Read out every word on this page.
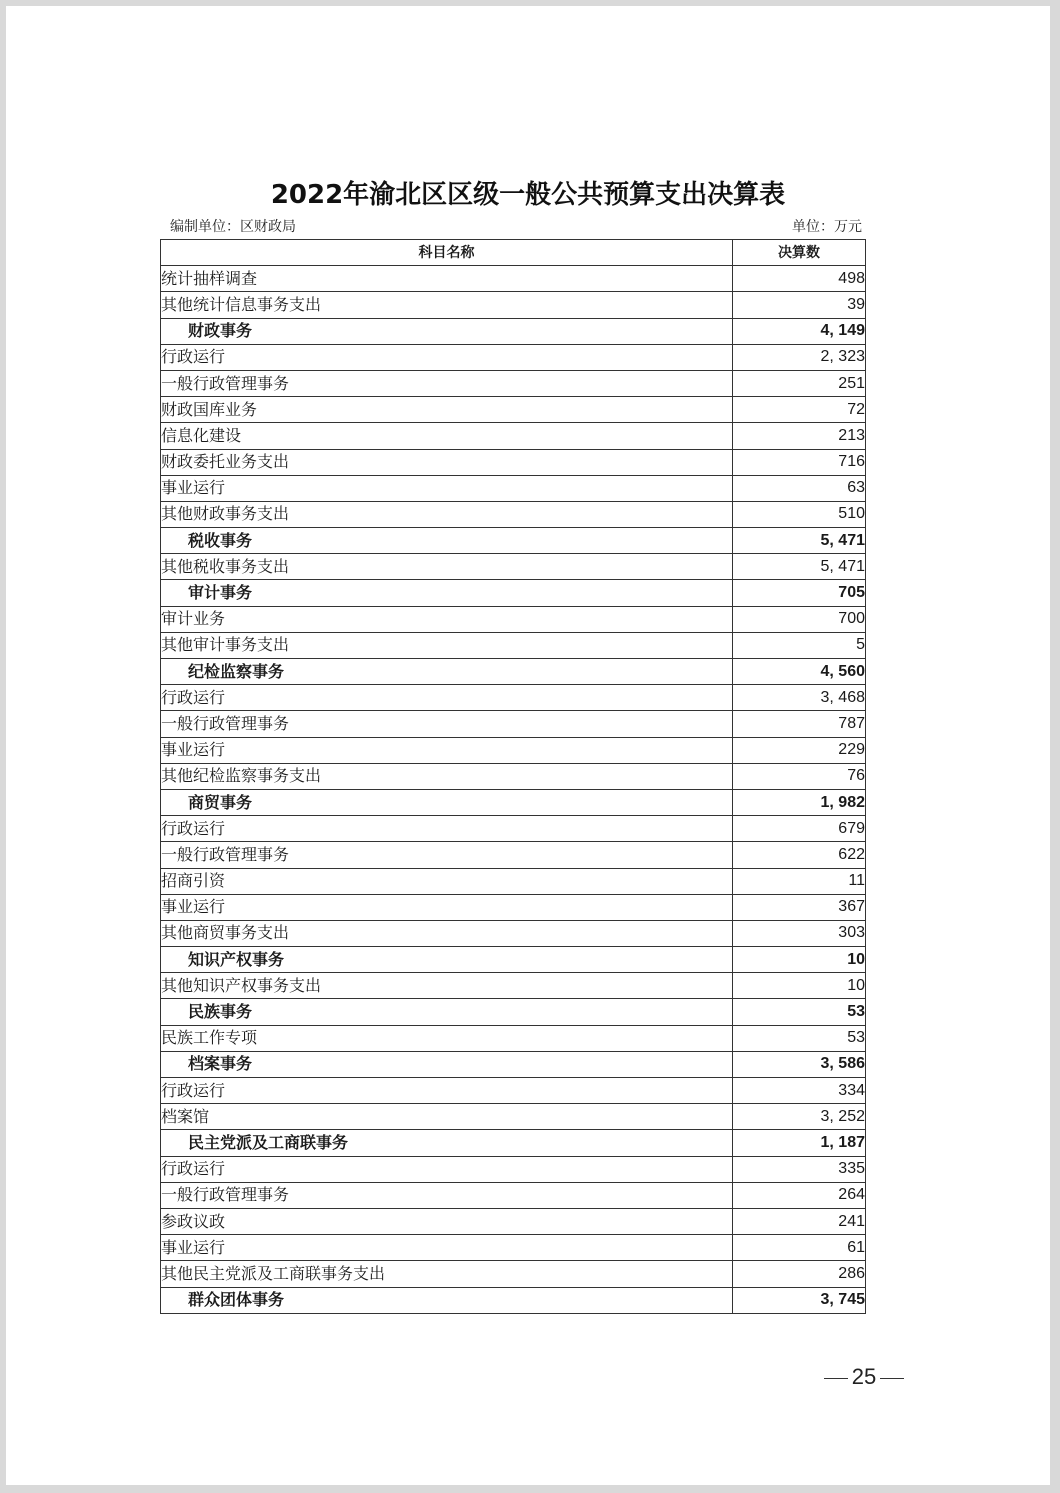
2022年渝北区区级一般公共预算支出决算表
编制单位：区财政局	单位：万元
科目名称	决算数
统计抽样调查	498
其他统计信息事务支出	39
财政事务	4, 149
行政运行	2, 323
一般行政管理事务	251
财政国库业务	72
信息化建设	213
财政委托业务支出	716
事业运行	63
其他财政事务支出	510
税收事务	5, 471
其他税收事务支出	5, 471
审计事务	705
审计业务	700
其他审计事务支出	5
纪检监察事务	4, 560
行政运行	3, 468
一般行政管理事务	787
事业运行	229
其他纪检监察事务支出	76
商贸事务	1, 982
行政运行	679
一般行政管理事务	622
招商引资	11
事业运行	367
其他商贸事务支出	303
知识产权事务	10
其他知识产权事务支出	10
民族事务	53
民族工作专项	53
档案事务	3, 586
行政运行	334
档案馆	3, 252
民主党派及工商联事务	1, 187
行政运行	335
一般行政管理事务	264
参政议政	241
事业运行	61
其他民主党派及工商联事务支出	286
群众团体事务	3, 745
25
